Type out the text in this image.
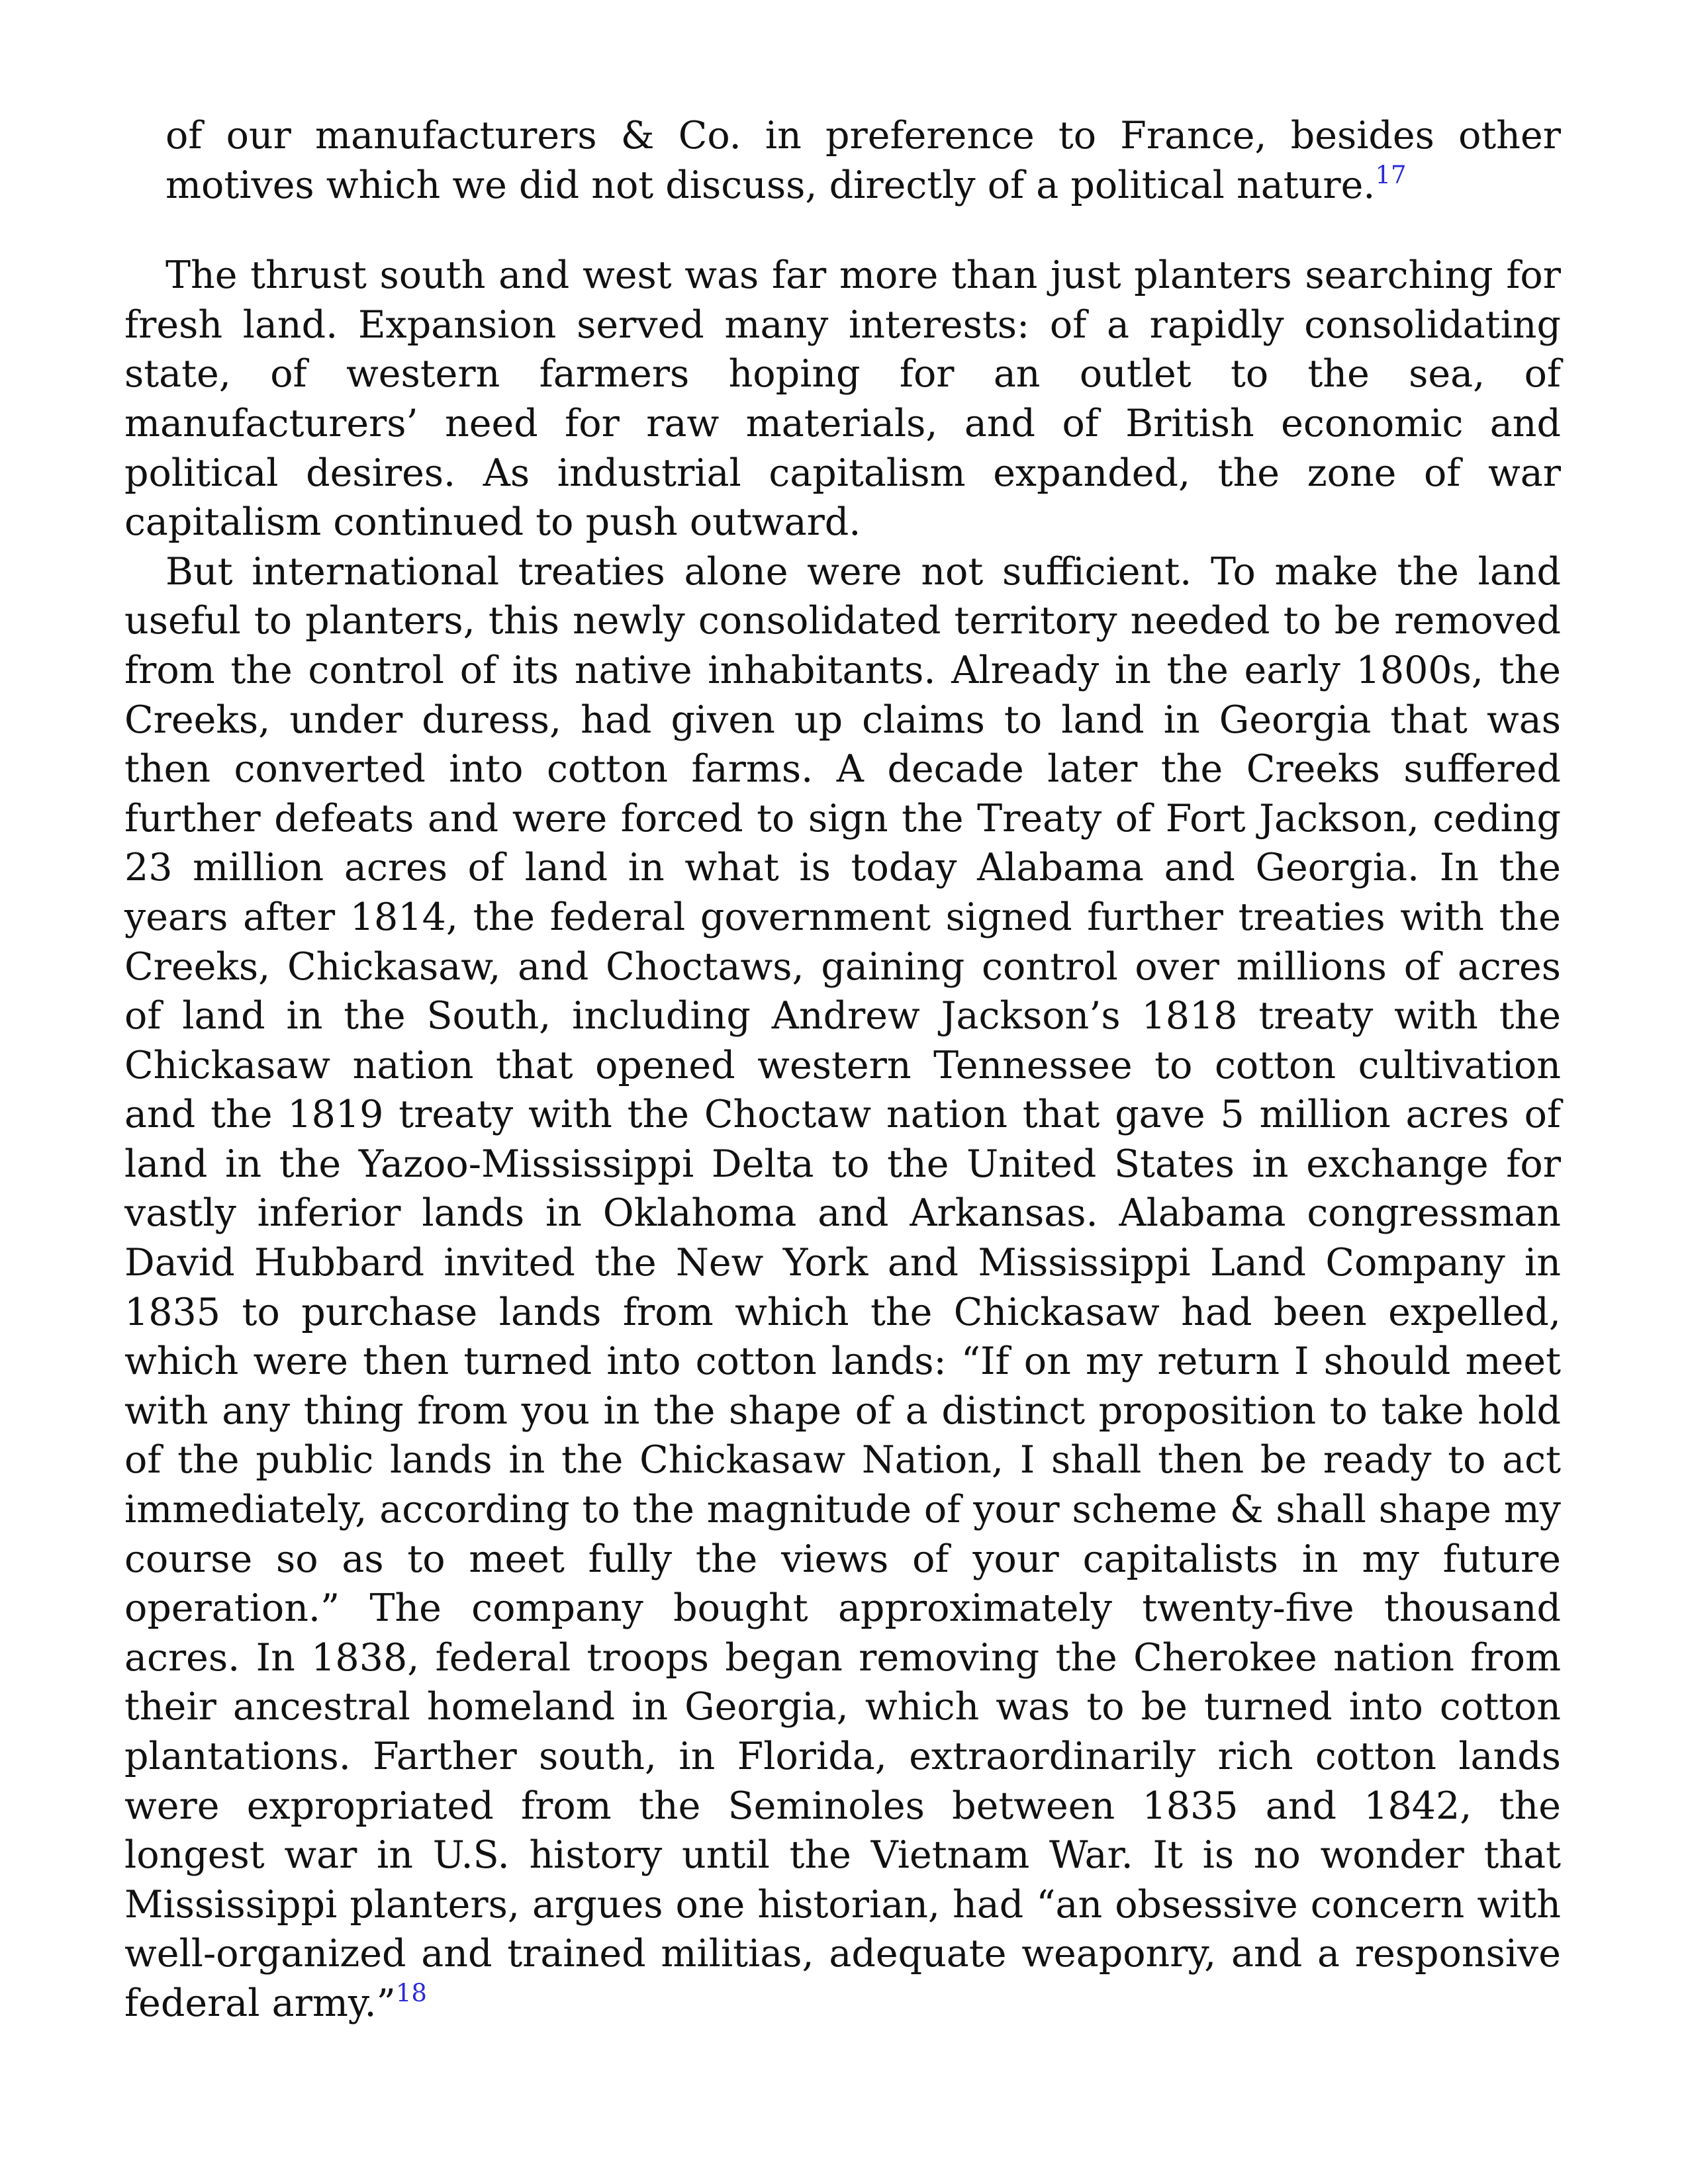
of our manufacturers & Co. in preference to France, besides other motives which we did not discuss, directly of a political nature.$^{17}$

The thrust south and west was far more than just planters searching for fresh land. Expansion served many interests: of a rapidly consolidating state, of western farmers hoping for an outlet to the sea, of manufacturers’ need for raw materials, and of British economic and political desires. As industrial capitalism expanded, the zone of war capitalism continued to push outward.

But international treaties alone were not sufficient. To make the land useful to planters, this newly consolidated territory needed to be removed from the control of its native inhabitants. Already in the early 1800s, the Creeks, under duress, had given up claims to land in Georgia that was then converted into cotton farms. A decade later the Creeks suffered further defeats and were forced to sign the Treaty of Fort Jackson, ceding 23 million acres of land in what is today Alabama and Georgia. In the years after 1814, the federal government signed further treaties with the Creeks, Chickasaw, and Choctaws, gaining control over millions of acres of land in the South, including Andrew Jackson’s 1818 treaty with the Chickasaw nation that opened western Tennessee to cotton cultivation and the 1819 treaty with the Choctaw nation that gave 5 million acres of land in the Yazoo-Mississippi Delta to the United States in exchange for vastly inferior lands in Oklahoma and Arkansas. Alabama congressman David Hubbard invited the New York and Mississippi Land Company in 1835 to purchase lands from which the Chickasaw had been expelled, which were then turned into cotton lands: “If on my return I should meet with any thing from you in the shape of a distinct proposition to take hold of the public lands in the Chickasaw Nation, I shall then be ready to act immediately, according to the magnitude of your scheme & shall shape my course so as to meet fully the views of your capitalists in my future operation.” The company bought approximately twenty-five thousand acres. In 1838, federal troops began removing the Cherokee nation from their ancestral homeland in Georgia, which was to be turned into cotton plantations. Farther south, in Florida, extraordinarily rich cotton lands were expropriated from the Seminoles between 1835 and 1842, the longest war in U.S. history until the Vietnam War. It is no wonder that Mississippi planters, argues one historian, had “an obsessive concern with well-organized and trained militias, adequate weaponry, and a responsive federal army.”$^{18}$
